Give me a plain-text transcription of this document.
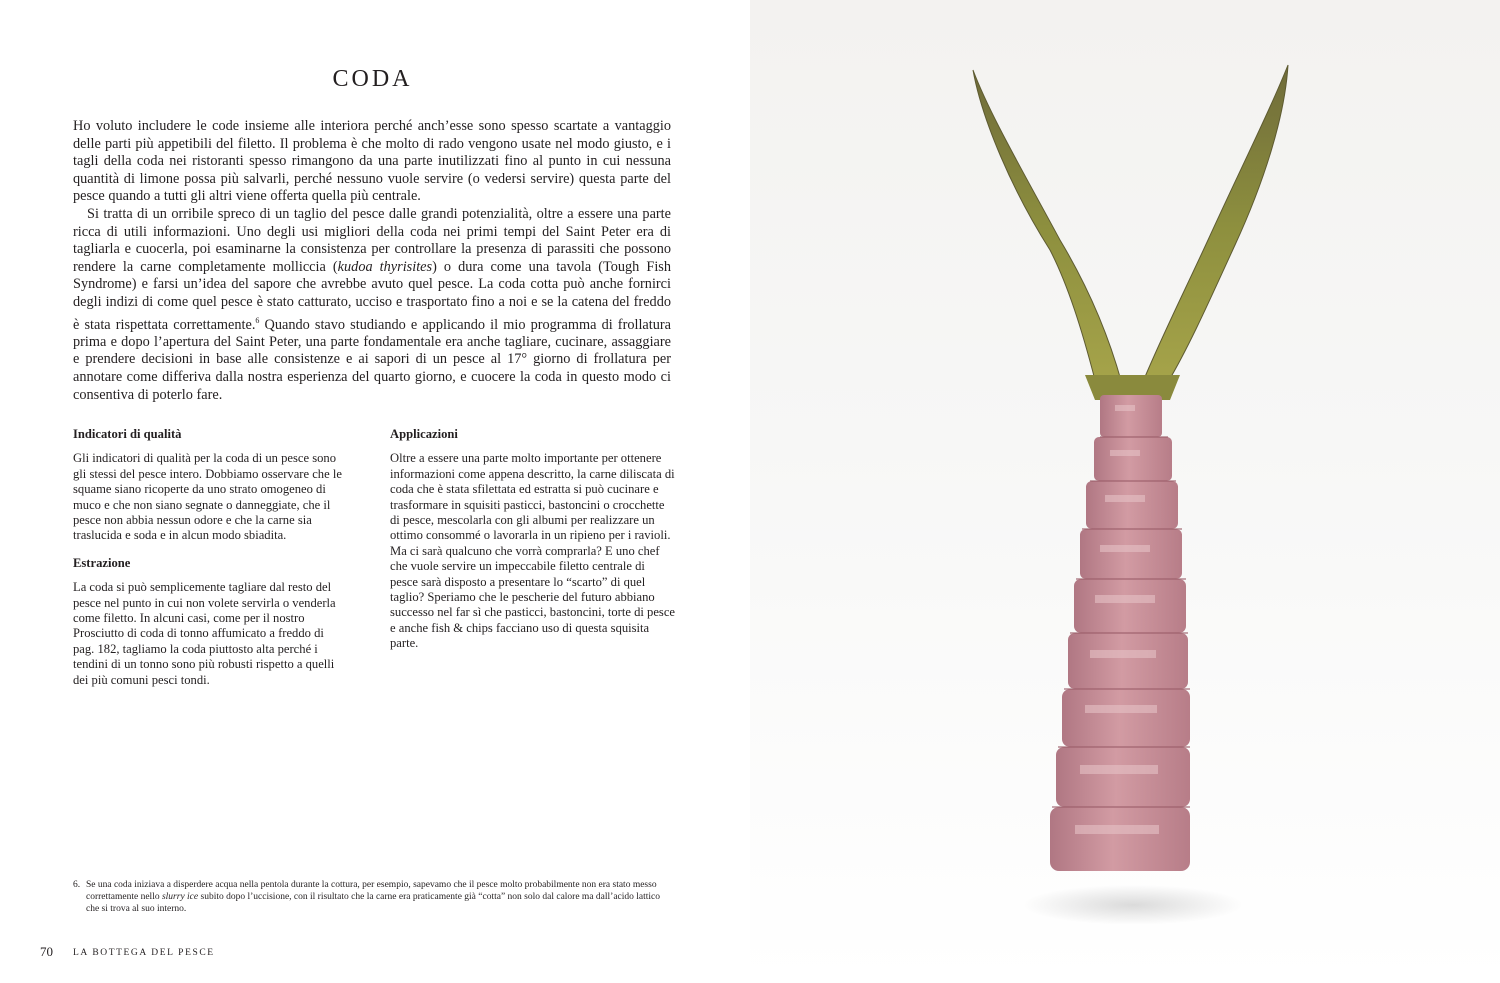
CODA

Ho voluto includere le code insieme alle interiora perché anch’esse sono spesso scartate a vantaggio delle parti più appetibili del filetto. Il problema è che molto di rado vengono usate nel modo giusto, e i tagli della coda nei ristoranti spesso rimangono da una parte inutilizzati fino al punto in cui nessuna quantità di limone possa più salvarli, perché nessuno vuole servire (o vedersi servire) questa parte del pesce quando a tutti gli altri viene offerta quella più centrale.

Si tratta di un orribile spreco di un taglio del pesce dalle grandi potenzialità, oltre a essere una parte ricca di utili informazioni. Uno degli usi migliori della coda nei primi tempi del Saint Peter era di tagliarla e cuocerla, poi esaminarne la consistenza per controllare la presenza di parassiti che possono rendere la carne completamente molliccia (kudoa thyrisites) o dura come una tavola (Tough Fish Syndrome) e farsi un’idea del sapore che avrebbe avuto quel pesce. La coda cotta può anche fornirci degli indizi di come quel pesce è stato catturato, ucciso e trasportato fino a noi e se la catena del freddo è stata rispettata correttamente.$^6$ Quando stavo studiando e applicando il mio programma di frollatura prima e dopo l’apertura del Saint Peter, una parte fondamentale era anche tagliare, cucinare, assaggiare e prendere decisioni in base alle consistenze e ai sapori di un pesce al 17° giorno di frollatura per annotare come differiva dalla nostra esperienza del quarto giorno, e cuocere la coda in questo modo ci consentiva di poterlo fare.

Indicatori di qualità

Gli indicatori di qualità per la coda di un pesce sono gli stessi del pesce intero. Dobbiamo osservare che le squame siano ricoperte da uno strato omogeneo di muco e che non siano segnate o danneggiate, che il pesce non abbia nessun odore e che la carne sia traslucida e soda e in alcun modo sbiadita.

Estrazione

La coda si può semplicemente tagliare dal resto del pesce nel punto in cui non volete servirla o venderla come filetto. In alcuni casi, come per il nostro Prosciutto di coda di tonno affumicato a freddo di pag. 182, tagliamo la coda piuttosto alta perché i tendini di un tonno sono più robusti rispetto a quelli dei più comuni pesci tondi.

Applicazioni

Oltre a essere una parte molto importante per ottenere informazioni come appena descritto, la carne diliscata di coda che è stata sfilettata ed estratta si può cucinare e trasformare in squisiti pasticci, bastoncini o crocchette di pesce, mescolarla con gli albumi per realizzare un ottimo consommé o lavorarla in un ripieno per i ravioli. Ma ci sarà qualcuno che vorrà comprarla? E uno chef che vuole servire un impeccabile filetto centrale di pesce sarà disposto a presentare lo “scarto” di quel taglio? Speriamo che le pescherie del futuro abbiano successo nel far sì che pasticci, bastoncini, torte di pesce e anche fish & chips facciano uso di questa squisita parte.

6. Se una coda iniziava a disperdere acqua nella pentola durante la cottura, per esempio, sapevamo che il pesce molto probabilmente non era stato messo correttamente nello slurry ice subito dopo l’uccisione, con il risultato che la carne era praticamente già “cotta” non solo dal calore ma dall’acido lattico che si trova al suo interno.
70 LA BOTTEGA DEL PESCE
